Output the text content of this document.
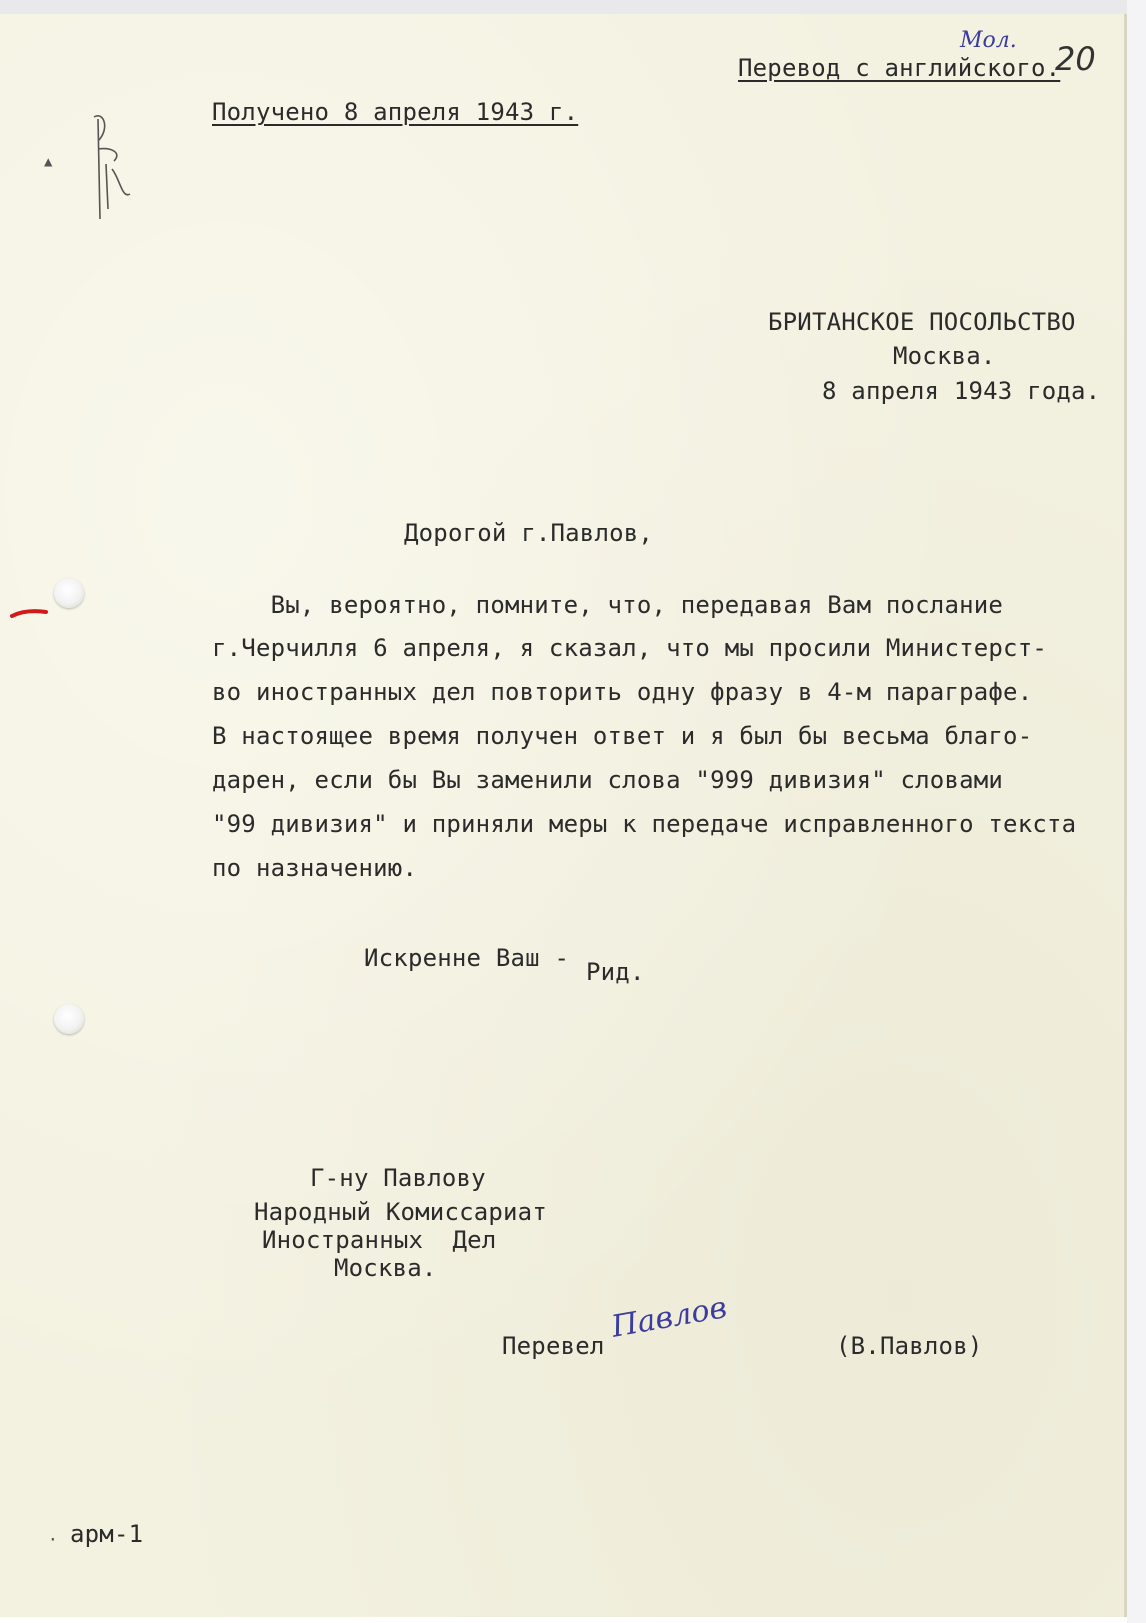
Перевод с английского.

Мол. 20

Получено 8 апреля 1943 г.

БРИТАНСКОЕ ПОСОЛЬСТВО

Москва.

8 апреля 1943 года.

Дорогой г.Павлов,

Вы, вероятно, помните, что, передавая Вам послание

г.Черчилля 6 апреля, я сказал, что мы просили Министерст-

во иностранных дел повторить одну фразу в 4-м параграфе.

В настоящее время получен ответ и я был бы весьма благо-

дарен, если бы Вы заменили слова "999 дивизия" словами

"99 дивизия" и приняли меры к передаче исправленного текста

по назначению.

Искренне Ваш - Рид.

Г-ну Павлову

Народный Комиссариат

Иностранных  Дел

Москва.

Перевел

Павлов

(В.Павлов)

арм-1

·
▲
